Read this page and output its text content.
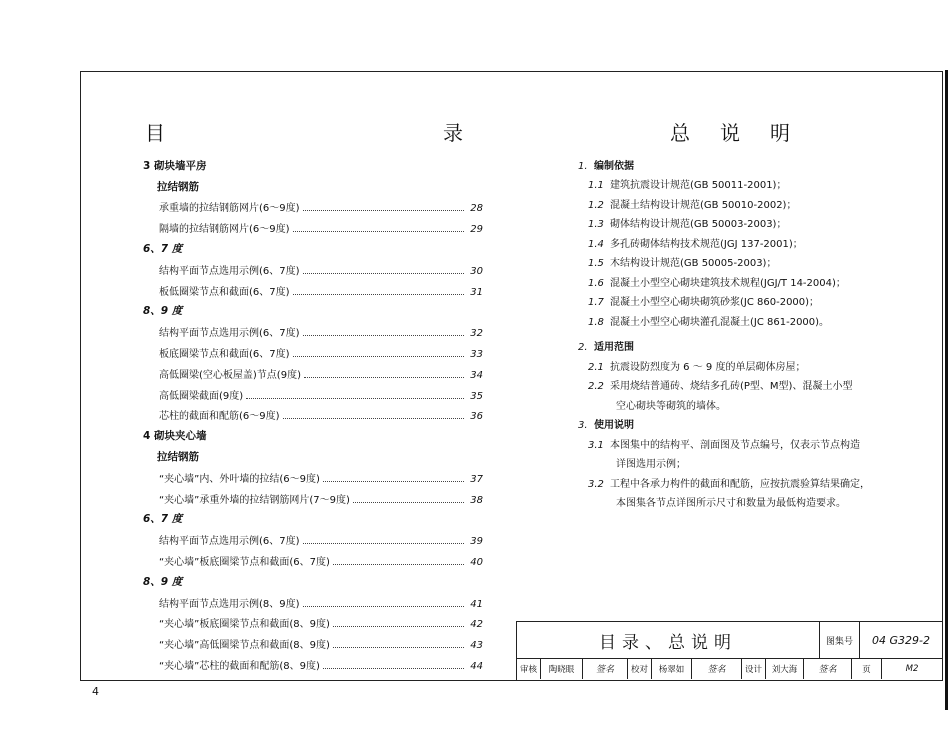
目	录
3 砌块墙平房
拉结钢筋
承重墙的拉结钢筋网片(6～9度)	28
隔墙的拉结钢筋网片(6～9度)	29
6、7 度
结构平面节点选用示例(6、7度)	30
板低圈梁节点和截面(6、7度)	31
8、9 度
结构平面节点选用示例(6、7度)	32
板底圈梁节点和截面(6、7度)	33
高低圈梁(空心板屋盖)节点(9度)	34
高低圈梁截面(9度)	35
芯柱的截面和配筋(6～9度)	36
4 砌块夹心墙
拉结钢筋
“夹心墙”内、外叶墙的拉结(6～9度)	37
“夹心墙”承重外墙的拉结钢筋网片(7～9度)	38
6、7 度
结构平面节点选用示例(6、7度)	39
“夹心墙”板底圈梁节点和截面(6、7度)	40
8、9 度
结构平面节点选用示例(8、9度)	41
“夹心墙”板底圈梁节点和截面(8、9度)	42
“夹心墙”高低圈梁节点和截面(8、9度)	43
“夹心墙”芯柱的截面和配筋(8、9度)	44
总 说 明
1. 编制依据
1.1 建筑抗震设计规范(GB 50011-2001)；
1.2 混凝土结构设计规范(GB 50010-2002)；
1.3 砌体结构设计规范(GB 50003-2003)；
1.4 多孔砖砌体结构技术规范(JGJ 137-2001)；
1.5 木结构设计规范(GB 50005-2003)；
1.6 混凝土小型空心砌块建筑技术规程(JGJ/T 14-2004)；
1.7 混凝土小型空心砌块砌筑砂浆(JC 860-2000)；
1.8 混凝土小型空心砌块灌孔混凝土(JC 861-2000)。
2. 适用范围
2.1 抗震设防烈度为 6 ～ 9 度的单层砌体房屋；
2.2 采用烧结普通砖、烧结多孔砖(P型、M型)、混凝土小型
空心砌块等砌筑的墙体。
3. 使用说明
3.1 本图集中的结构平、剖面图及节点编号，仅表示节点构造
详图选用示例；
3.2 工程中各承力构件的截面和配筋，应按抗震验算结果确定，
本图集各节点详图所示尺寸和数量为最低构造要求。
目录、总说明	图集号	04 G329-2
审核	陶晓眼	签名	校对	杨翠如	签名	设计	刘大海	签名	页	M2
4
